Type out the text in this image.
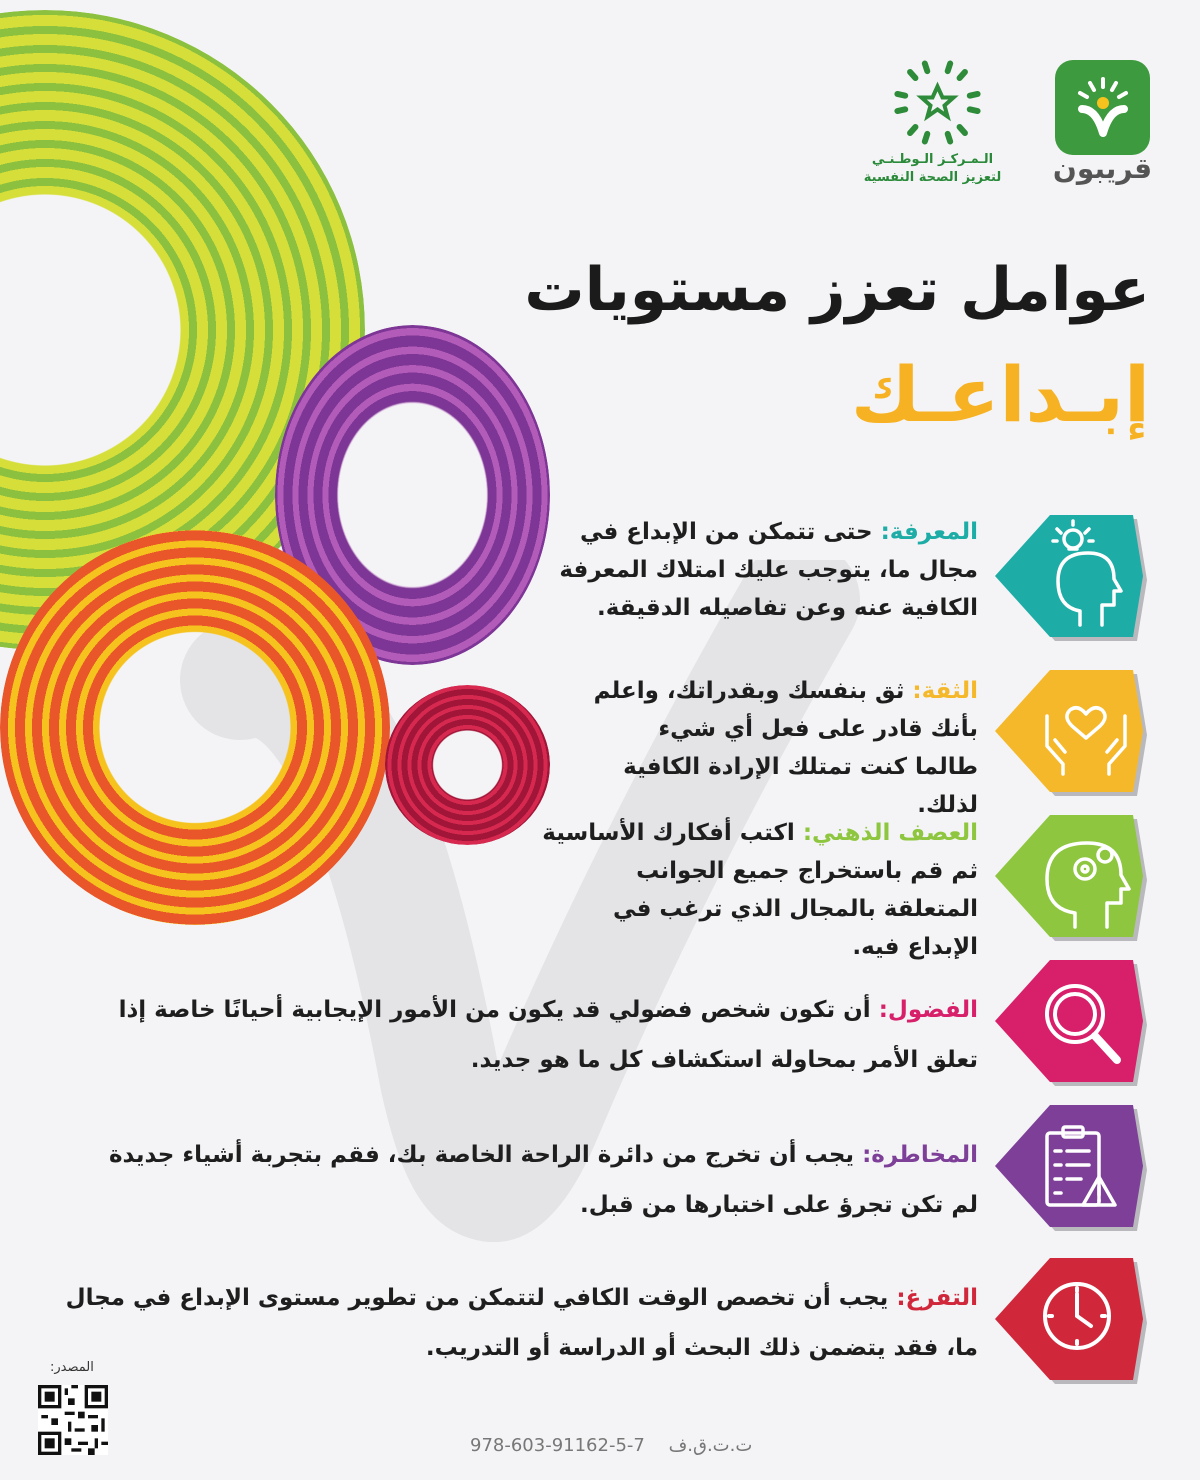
قريبون
الـمـركـز الـوطـنـي
لتعزيز الصحة النفسية
عوامل تعزز مستويات
إبـداعـك
المعرفة: حتى تتمكن من الإبداع في مجال ما، يتوجب عليك امتلاك المعرفة الكافية عنه وعن تفاصيله الدقيقة.
الثقة: ثق بنفسك وبقدراتك، واعلم بأنك قادر على فعل أي شيء طالما كنت تمتلك الإرادة الكافية لذلك.
العصف الذهني: اكتب أفكارك الأساسية ثم قم باستخراج جميع الجوانب المتعلقة بالمجال الذي ترغب في الإبداع فيه.
الفضول: أن تكون شخص فضولي قد يكون من الأمور الإيجابية أحيانًا خاصة إذا تعلق الأمر بمحاولة استكشاف كل ما هو جديد.
المخاطرة: يجب أن تخرج من دائرة الراحة الخاصة بك، فقم بتجربة أشياء جديدة لم تكن تجرؤ على اختبارها من قبل.
التفرغ: يجب أن تخصص الوقت الكافي لتتمكن من تطوير مستوى الإبداع في مجال ما، فقد يتضمن ذلك البحث أو الدراسة أو التدريب.
المصدر:
978-603-91162-5-7 ت.ت.ق.ف
